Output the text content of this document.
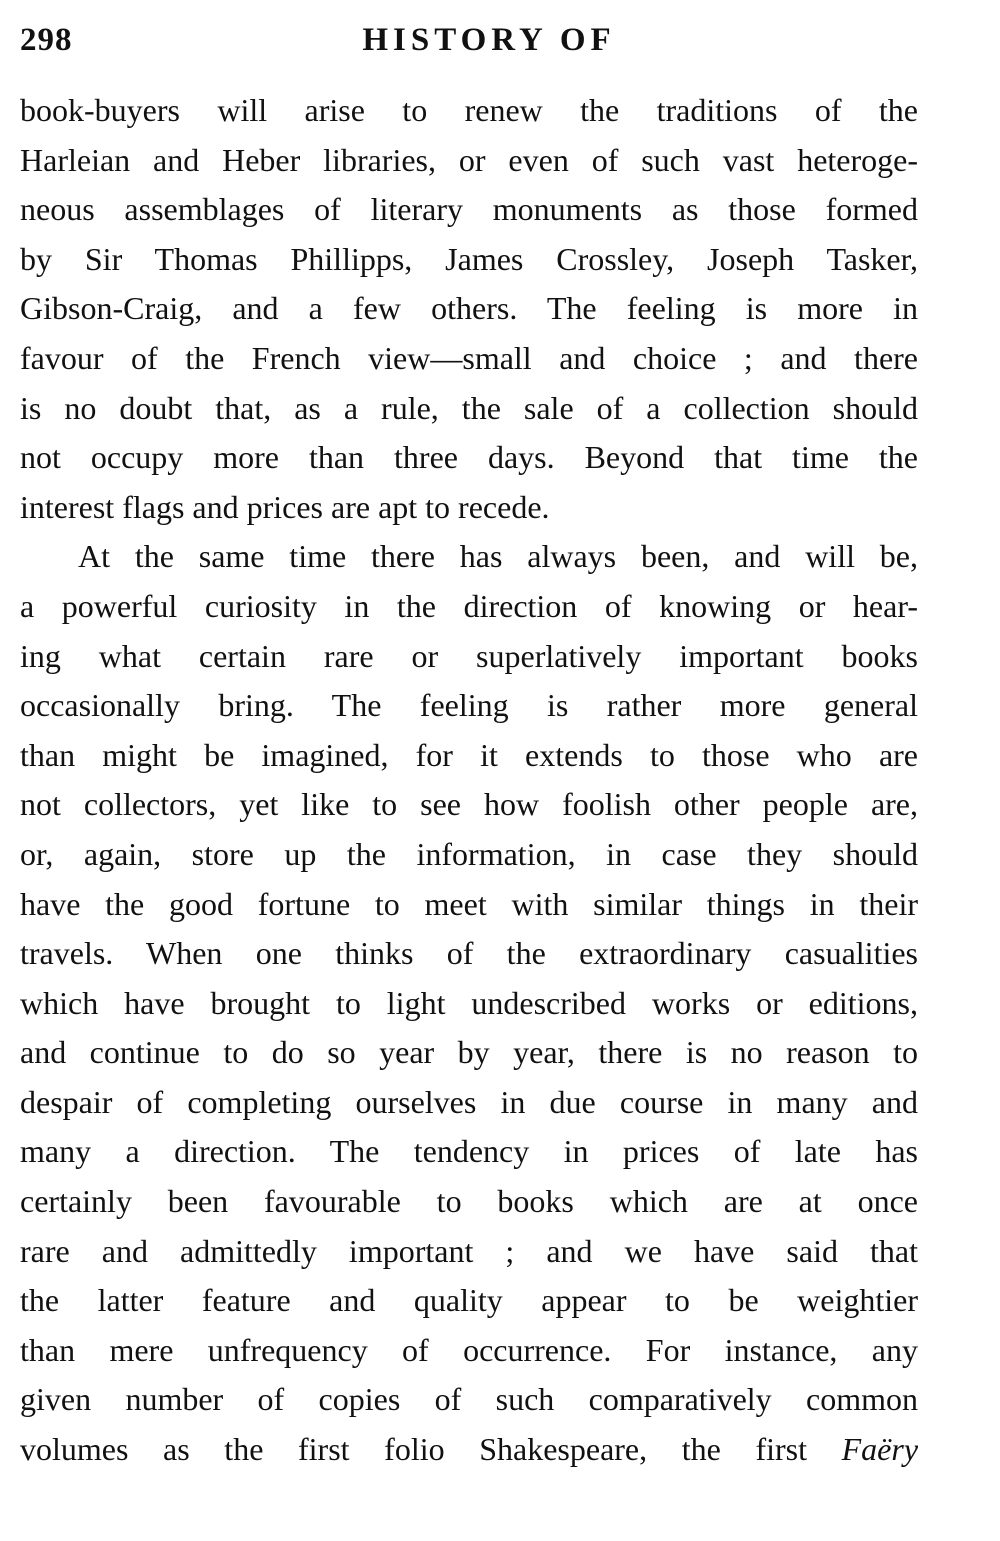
298	HISTORY OF
book-buyers will arise to renew the traditions of the
Harleian and Heber libraries, or even of such vast heteroge-
neous assemblages of literary monuments as those formed
by Sir Thomas Phillipps, James Crossley, Joseph Tasker,
Gibson-Craig, and a few others. The feeling is more in
favour of the French view—small and choice ; and there
is no doubt that, as a rule, the sale of a collection should
not occupy more than three days. Beyond that time the
interest flags and prices are apt to recede.
At the same time there has always been, and will be,
a powerful curiosity in the direction of knowing or hear-
ing what certain rare or superlatively important books
occasionally bring. The feeling is rather more general
than might be imagined, for it extends to those who are
not collectors, yet like to see how foolish other people are,
or, again, store up the information, in case they should
have the good fortune to meet with similar things in their
travels. When one thinks of the extraordinary casualities
which have brought to light undescribed works or editions,
and continue to do so year by year, there is no reason to
despair of completing ourselves in due course in many and
many a direction. The tendency in prices of late has
certainly been favourable to books which are at once
rare and admittedly important ; and we have said that
the latter feature and quality appear to be weightier
than mere unfrequency of occurrence. For instance, any
given number of copies of such comparatively common
volumes as the first folio Shakespeare, the first Faëry
